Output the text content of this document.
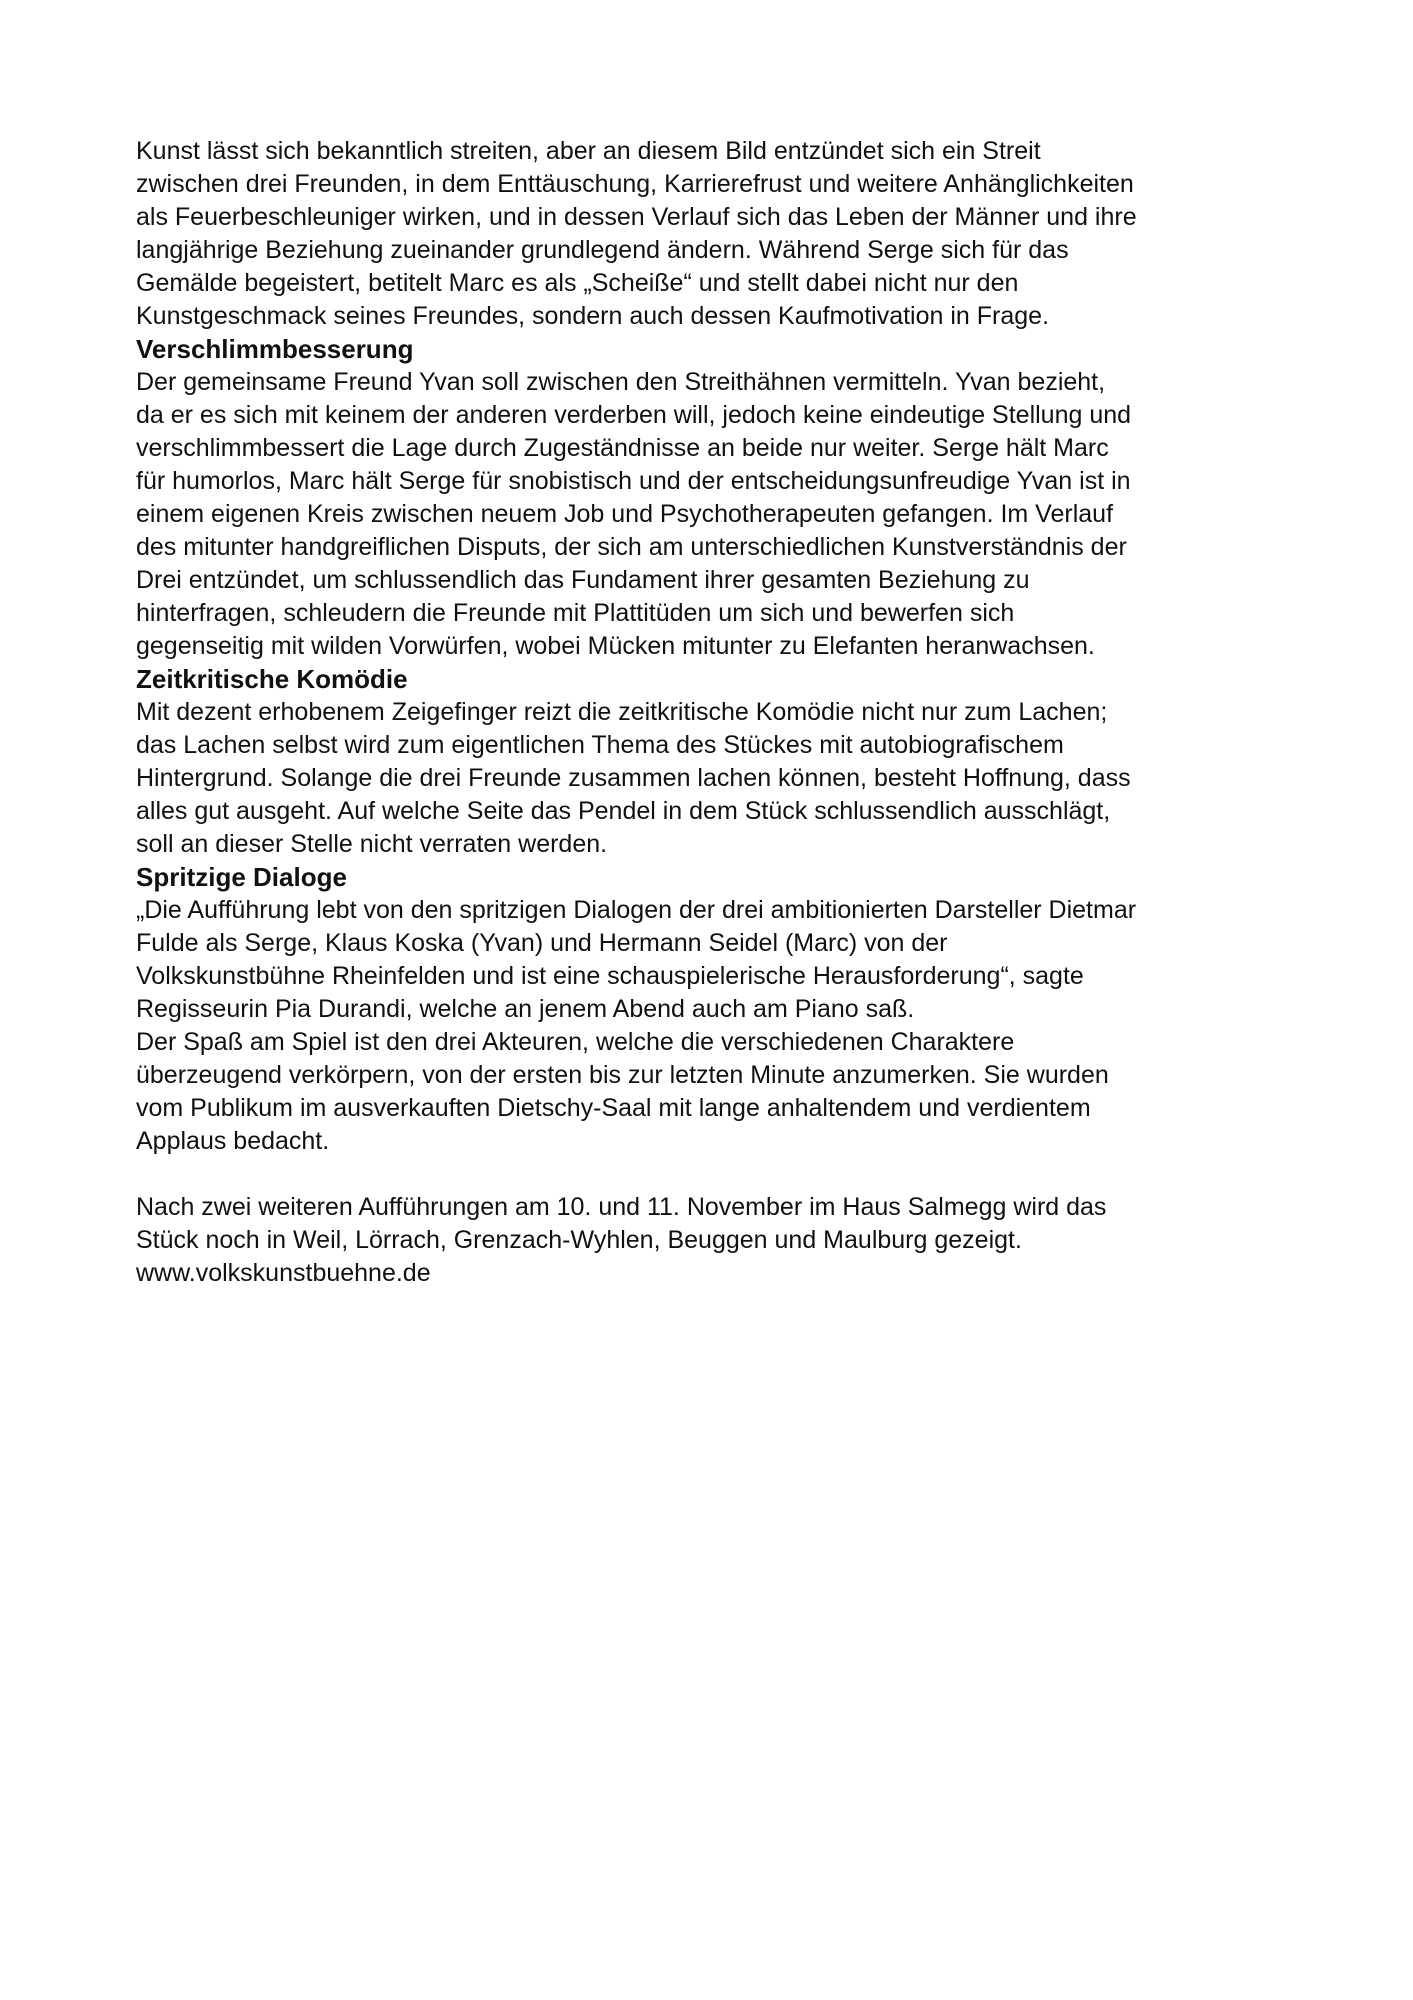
Kunst lässt sich bekanntlich streiten, aber an diesem Bild entzündet sich ein Streit
zwischen drei Freunden, in dem Enttäuschung, Karrierefrust und weitere Anhänglichkeiten
als Feuerbeschleuniger wirken, und in dessen Verlauf sich das Leben der Männer und ihre
langjährige Beziehung zueinander grundlegend ändern. Während Serge sich für das
Gemälde begeistert, betitelt Marc es als „Scheiße“ und stellt dabei nicht nur den
Kunstgeschmack seines Freundes, sondern auch dessen Kaufmotivation in Frage.

Verschlimmbesserung

Der gemeinsame Freund Yvan soll zwischen den Streithähnen vermitteln. Yvan bezieht,
da er es sich mit keinem der anderen verderben will, jedoch keine eindeutige Stellung und
verschlimmbessert die Lage durch Zugeständnisse an beide nur weiter. Serge hält Marc
für humorlos, Marc hält Serge für snobistisch und der entscheidungsunfreudige Yvan ist in
einem eigenen Kreis zwischen neuem Job und Psychotherapeuten gefangen. Im Verlauf
des mitunter handgreiflichen Disputs, der sich am unterschiedlichen Kunstverständnis der
Drei entzündet, um schlussendlich das Fundament ihrer gesamten Beziehung zu
hinterfragen, schleudern die Freunde mit Plattitüden um sich und bewerfen sich
gegenseitig mit wilden Vorwürfen, wobei Mücken mitunter zu Elefanten heranwachsen.

Zeitkritische Komödie

Mit dezent erhobenem Zeigefinger reizt die zeitkritische Komödie nicht nur zum Lachen;
das Lachen selbst wird zum eigentlichen Thema des Stückes mit autobiografischem
Hintergrund. Solange die drei Freunde zusammen lachen können, besteht Hoffnung, dass
alles gut ausgeht. Auf welche Seite das Pendel in dem Stück schlussendlich ausschlägt,
soll an dieser Stelle nicht verraten werden.

Spritzige Dialoge

„Die Aufführung lebt von den spritzigen Dialogen der drei ambitionierten Darsteller Dietmar
Fulde als Serge, Klaus Koska (Yvan) und Hermann Seidel (Marc) von der
Volkskunstbühne Rheinfelden und ist eine schauspielerische Herausforderung“, sagte
Regisseurin Pia Durandi, welche an jenem Abend auch am Piano saß.

Der Spaß am Spiel ist den drei Akteuren, welche die verschiedenen Charaktere
überzeugend verkörpern, von der ersten bis zur letzten Minute anzumerken. Sie wurden
vom Publikum im ausverkauften Dietschy-Saal mit lange anhaltendem und verdientem
Applaus bedacht.

Nach zwei weiteren Aufführungen am 10. und 11. November im Haus Salmegg wird das
Stück noch in Weil, Lörrach, Grenzach-Wyhlen, Beuggen und Maulburg gezeigt.

www.volkskunstbuehne.de
